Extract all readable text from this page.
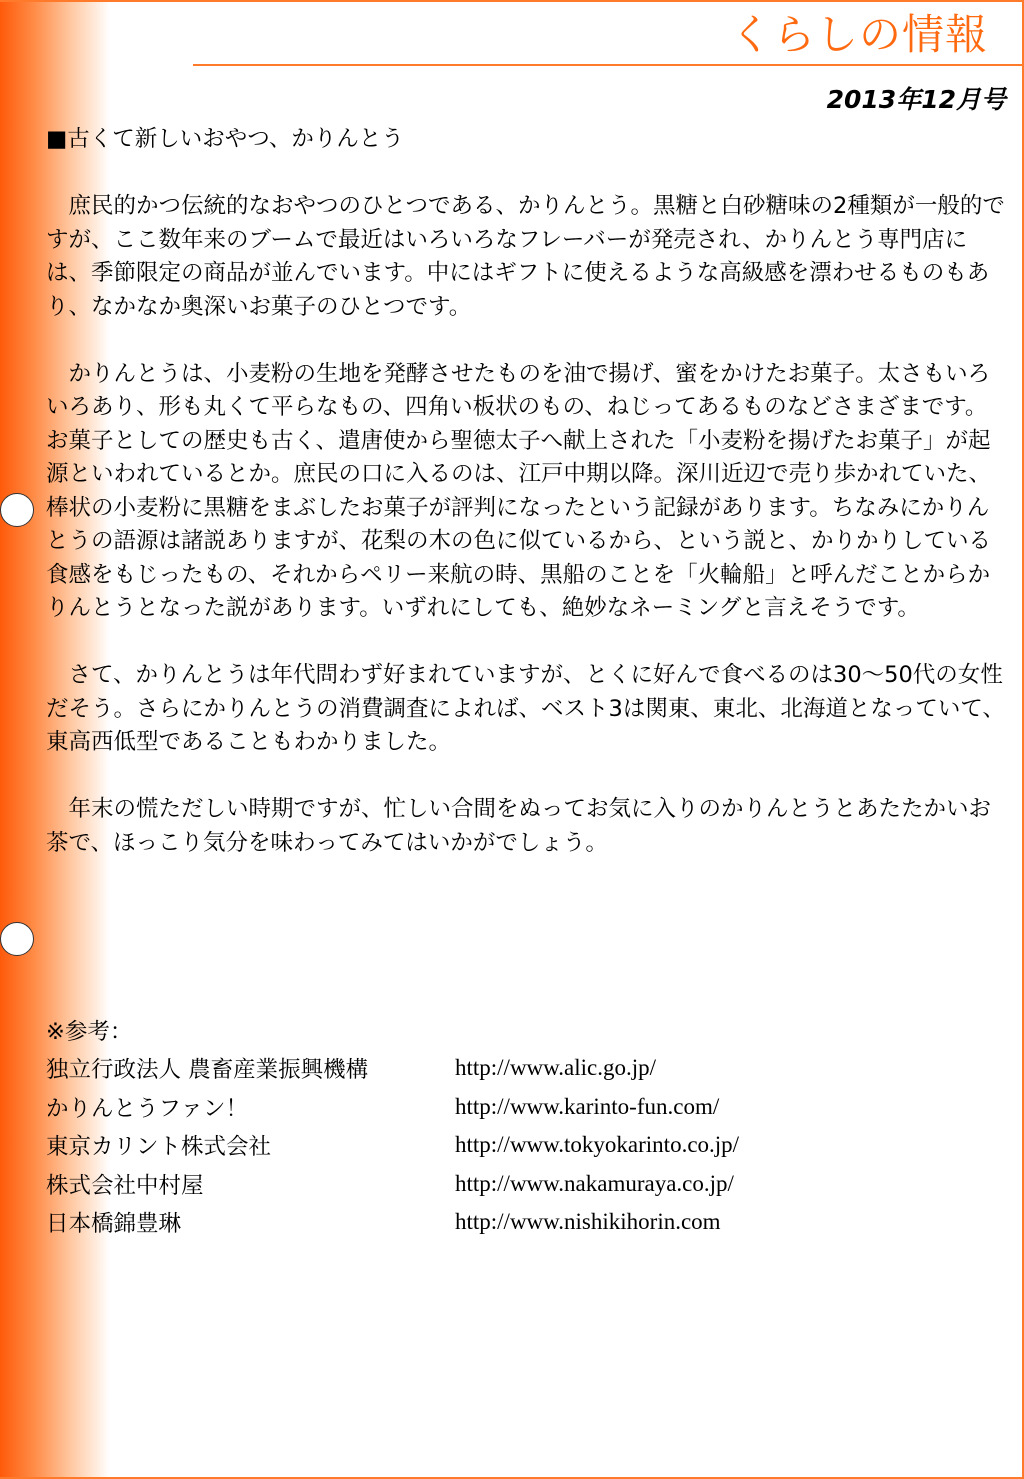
くらしの情報
2013年12月号
■古くて新しいおやつ、かりんとう

庶民的かつ伝統的なおやつのひとつである、かりんとう。黒糖と白砂糖味の2種類が一般的ですが、ここ数年来のブームで最近はいろいろなフレーバーが発売され、かりんとう専門店には、季節限定の商品が並んでいます。中にはギフトに使えるような高級感を漂わせるものもあり、なかなか奥深いお菓子のひとつです。

かりんとうは、小麦粉の生地を発酵させたものを油で揚げ、蜜をかけたお菓子。太さもいろいろあり、形も丸くて平らなもの、四角い板状のもの、ねじってあるものなどさまざまです。お菓子としての歴史も古く、遣唐使から聖徳太子へ献上された「小麦粉を揚げたお菓子」が起源といわれているとか。庶民の口に入るのは、江戸中期以降。深川近辺で売り歩かれていた、棒状の小麦粉に黒糖をまぶしたお菓子が評判になったという記録があります。ちなみにかりんとうの語源は諸説ありますが、花梨の木の色に似ているから、という説と、かりかりしている食感をもじったもの、それからペリー来航の時、黒船のことを「火輪船」と呼んだことからかりんとうとなった説があります。いずれにしても、絶妙なネーミングと言えそうです。

さて、かりんとうは年代問わず好まれていますが、とくに好んで食べるのは30～50代の女性だそう。さらにかりんとうの消費調査によれば、ベスト3は関東、東北、北海道となっていて、東高西低型であることもわかりました。

年末の慌ただしい時期ですが、忙しい合間をぬってお気に入りのかりんとうとあたたかいお茶で、ほっこり気分を味わってみてはいかがでしょう。

※参考：
独立行政法人 農畜産業振興機構	http://www.alic.go.jp/
かりんとうファン！	http://www.karinto-fun.com/
東京カリント株式会社	http://www.tokyokarinto.co.jp/
株式会社中村屋	http://www.nakamuraya.co.jp/
日本橋錦豊琳	http://www.nishikihorin.com
